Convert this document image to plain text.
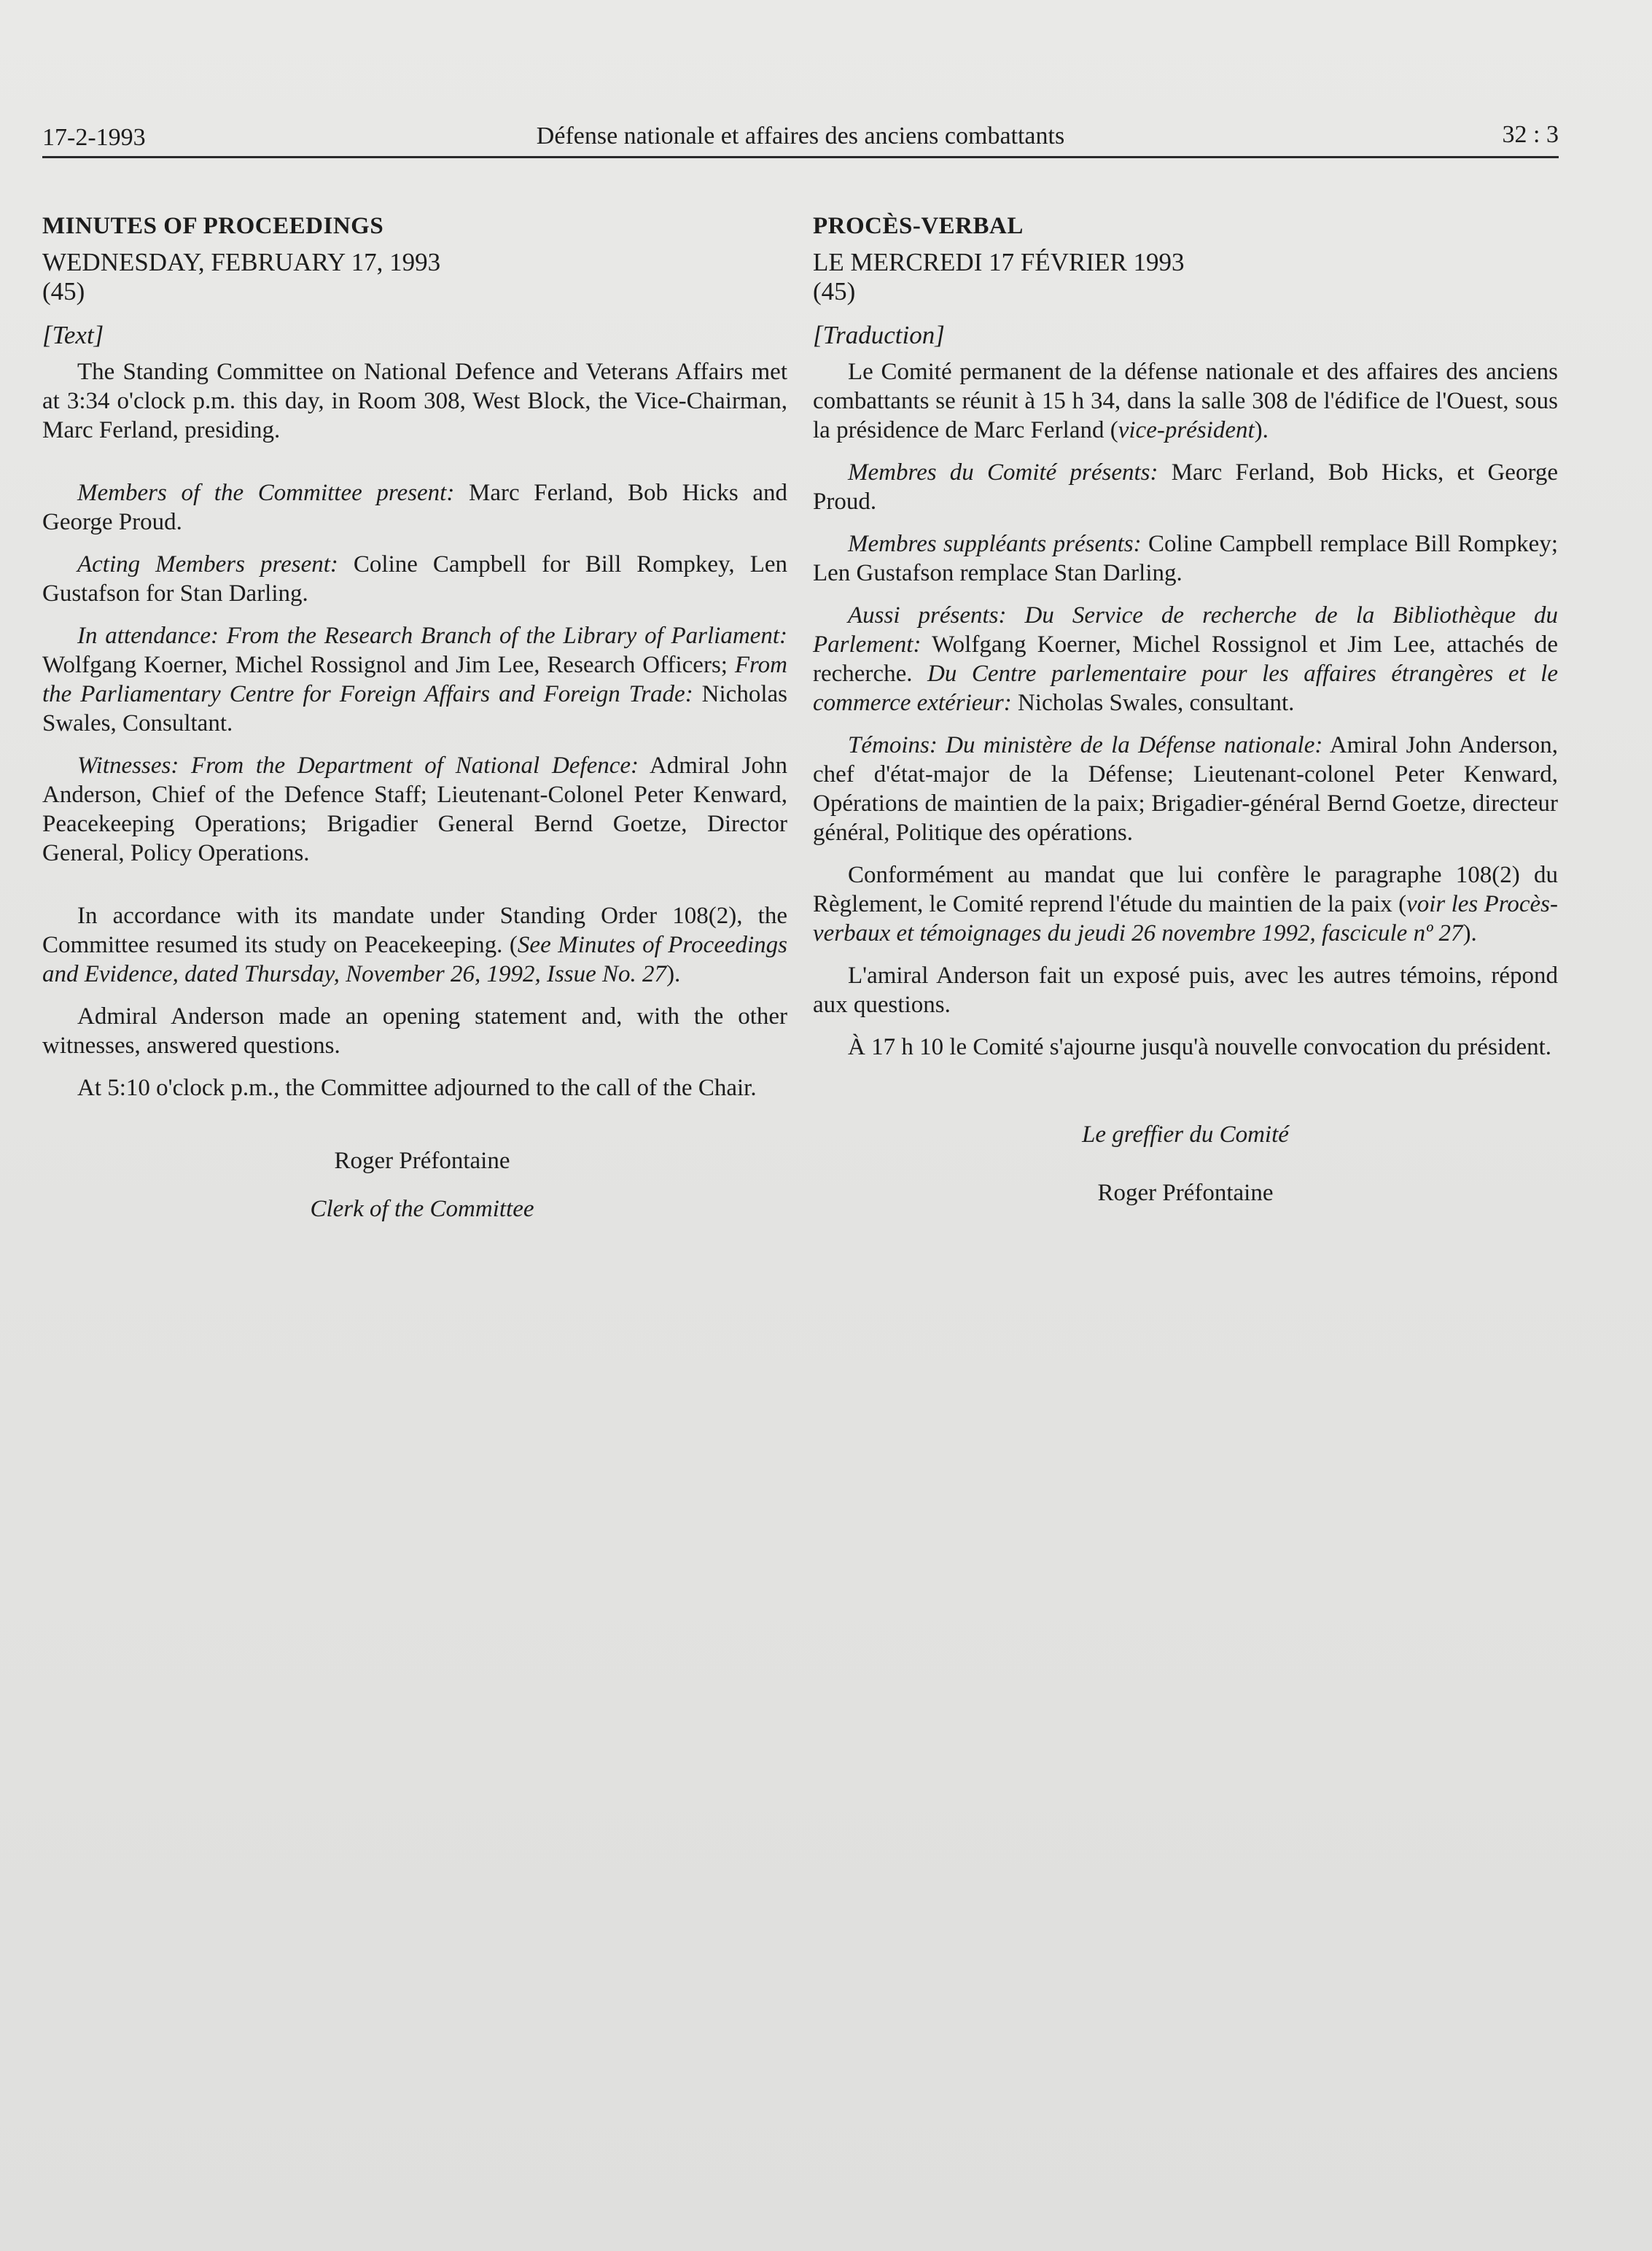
17-2-1993	Défense nationale et affaires des anciens combattants	32 : 3
MINUTES OF PROCEEDINGS
WEDNESDAY, FEBRUARY 17, 1993
(45)
[Text]

The Standing Committee on National Defence and Veterans Affairs met at 3:34 o'clock p.m. this day, in Room 308, West Block, the Vice-Chairman, Marc Ferland, presiding.

Members of the Committee present: Marc Ferland, Bob Hicks and George Proud.

Acting Members present: Coline Campbell for Bill Rompkey, Len Gustafson for Stan Darling.

In attendance: From the Research Branch of the Library of Parliament: Wolfgang Koerner, Michel Rossignol and Jim Lee, Research Officers; From the Parliamentary Centre for Foreign Affairs and Foreign Trade: Nicholas Swales, Consultant.

Witnesses: From the Department of National Defence: Admiral John Anderson, Chief of the Defence Staff; Lieutenant-Colonel Peter Kenward, Peacekeeping Operations; Brigadier General Bernd Goetze, Director General, Policy Operations.

In accordance with its mandate under Standing Order 108(2), the Committee resumed its study on Peacekeeping. (See Minutes of Proceedings and Evidence, dated Thursday, November 26, 1992, Issue No. 27).

Admiral Anderson made an opening statement and, with the other witnesses, answered questions.

At 5:10 o'clock p.m., the Committee adjourned to the call of the Chair.

Roger Préfontaine
Clerk of the Committee
PROCÈS-VERBAL
LE MERCREDI 17 FÉVRIER 1993
(45)
[Traduction]

Le Comité permanent de la défense nationale et des affaires des anciens combattants se réunit à 15 h 34, dans la salle 308 de l'édifice de l'Ouest, sous la présidence de Marc Ferland (vice-président).

Membres du Comité présents: Marc Ferland, Bob Hicks, et George Proud.

Membres suppléants présents: Coline Campbell remplace Bill Rompkey; Len Gustafson remplace Stan Darling.

Aussi présents: Du Service de recherche de la Bibliothèque du Parlement: Wolfgang Koerner, Michel Rossignol et Jim Lee, attachés de recherche. Du Centre parlementaire pour les affaires étrangères et le commerce extérieur: Nicholas Swales, consultant.

Témoins: Du ministère de la Défense nationale: Amiral John Anderson, chef d'état-major de la Défense; Lieutenant-colonel Peter Kenward, Opérations de maintien de la paix; Brigadier-général Bernd Goetze, directeur général, Politique des opérations.

Conformément au mandat que lui confère le paragraphe 108(2) du Règlement, le Comité reprend l'étude du maintien de la paix (voir les Procès-verbaux et témoignages du jeudi 26 novembre 1992, fascicule nº 27).

L'amiral Anderson fait un exposé puis, avec les autres témoins, répond aux questions.

À 17 h 10 le Comité s'ajourne jusqu'à nouvelle convocation du président.

Le greffier du Comité
Roger Préfontaine
